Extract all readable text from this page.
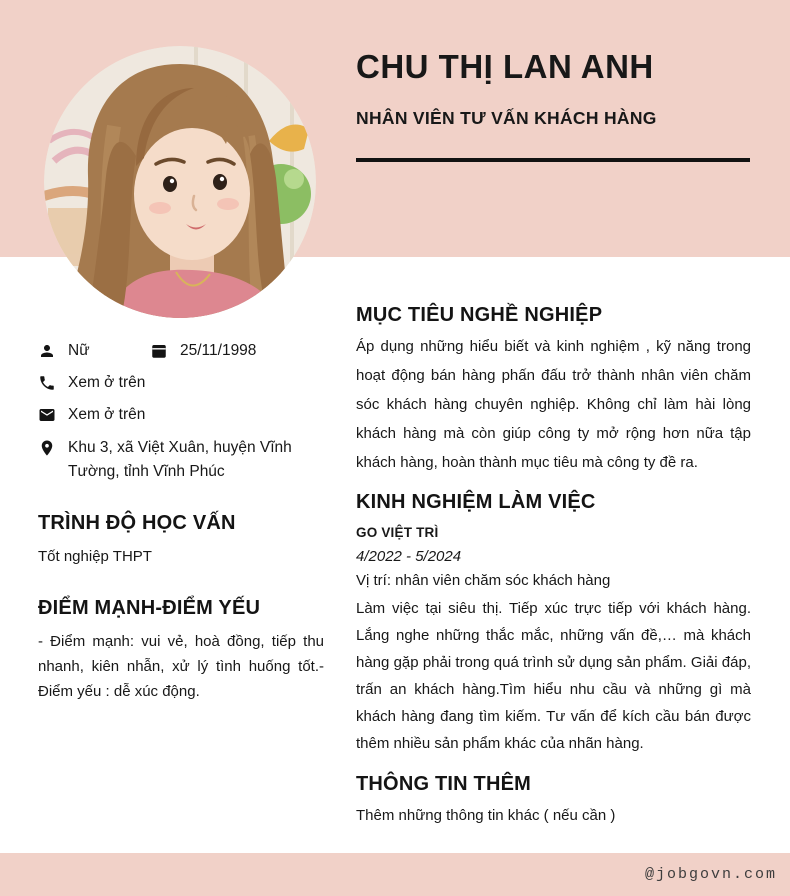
CHU THỊ LAN ANH
NHÂN VIÊN TƯ VẤN KHÁCH HÀNG
Nữ	25/11/1998
Xem ở trên
Xem ở trên
Khu 3, xã Việt Xuân, huyện Vĩnh Tường, tỉnh Vĩnh Phúc
TRÌNH ĐỘ HỌC VẤN
Tốt nghiệp THPT
ĐIỂM MẠNH-ĐIỂM YẾU
- Điểm mạnh: vui vẻ, hoà đồng, tiếp thu nhanh, kiên nhẫn, xử lý tình huống tốt.- Điểm yếu : dễ xúc động.
MỤC TIÊU NGHỀ NGHIỆP

Áp dụng những hiểu biết và kinh nghiệm , kỹ năng trong hoạt động bán hàng phấn đấu trở thành nhân viên chăm sóc khách hàng chuyên nghiệp. Không chỉ làm hài lòng khách hàng mà còn giúp công ty mở rộng hơn nữa tập khách hàng, hoàn thành mục tiêu mà công ty đề ra.

KINH NGHIỆM LÀM VIỆC
GO VIỆT TRÌ
4/2022 - 5/2024
Vị trí: nhân viên chăm sóc khách hàng

Làm việc tại siêu thị. Tiếp xúc trực tiếp với khách hàng. Lắng nghe những thắc mắc, những vấn đề,… mà khách hàng gặp phải trong quá trình sử dụng sản phẩm. Giải đáp, trấn an khách hàng.Tìm hiểu nhu cầu và những gì mà khách hàng đang tìm kiếm. Tư vấn để kích cầu bán được thêm nhiều sản phẩm khác của nhãn hàng.

THÔNG TIN THÊM
Thêm những thông tin khác ( nếu cần )
@jobgovn.com
